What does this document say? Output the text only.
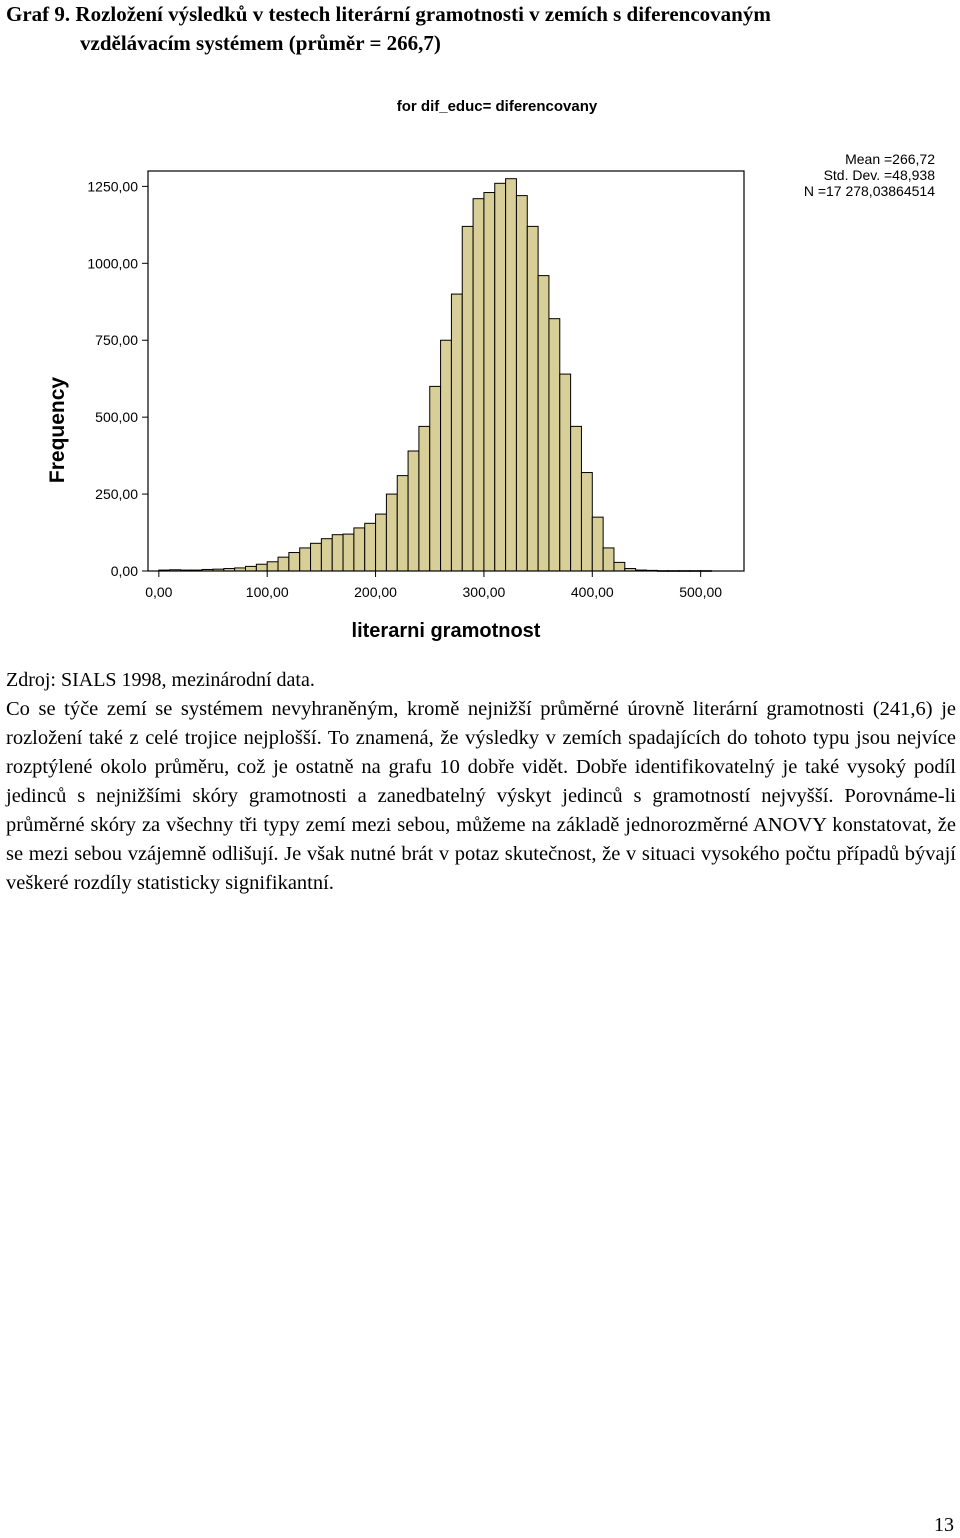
Graf 9. Rozložení výsledků v testech literární gramotnosti v zemích s diferencovaným
vzdělávacím systémem (průměr = 266,7)
for dif_educ= diferencovany
Mean =266,72
Std. Dev. =48,938
N =17 278,03864514
0,00
250,00
500,00
750,00
1000,00
1250,00
0,00	100,00	200,00	300,00	400,00	500,00
Frequency
literarni gramotnost
Zdroj: SIALS 1998, mezinárodní data.

Co se týče zemí se systémem nevyhraněným, kromě nejnižší průměrné úrovně literární gramotnosti (241,6) je rozložení také z celé trojice nejplošší. To znamená, že výsledky v zemích spadajících do tohoto typu jsou nejvíce rozptýlené okolo průměru, což je ostatně na grafu 10 dobře vidět. Dobře identifikovatelný je také vysoký podíl jedinců s nejnižšími skóry gramotnosti a zanedbatelný výskyt jedinců s gramotností nejvyšší. Porovnáme-li průměrné skóry za všechny tři typy zemí mezi sebou, můžeme na základě jednorozměrné ANOVY konstatovat, že se mezi sebou vzájemně odlišují. Je však nutné brát v potaz skutečnost, že v situaci vysokého počtu případů bývají veškeré rozdíly statisticky signifikantní.

13
